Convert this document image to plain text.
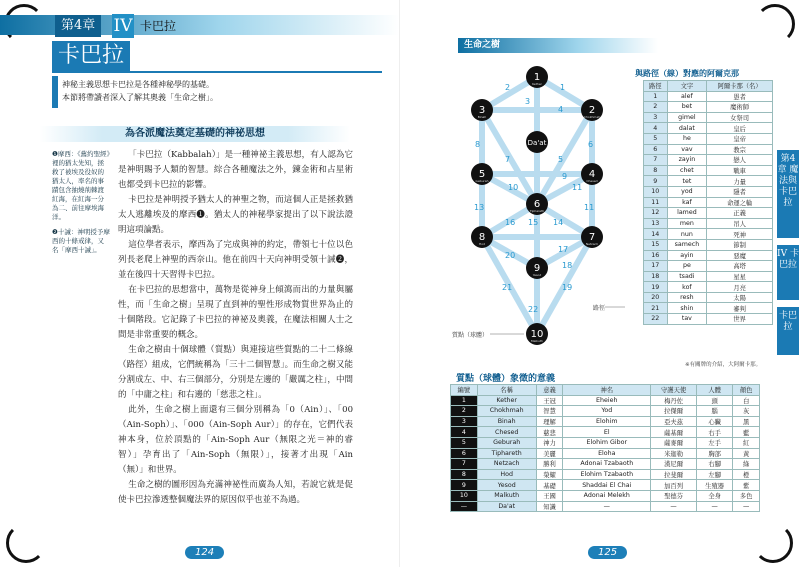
第4章	IV 卡巴拉
卡巴拉
神秘主義思想卡巴拉是各種神秘學的基礎。
本節將帶讀者深入了解其奧義「生命之樹」。
為各派魔法奠定基礎的神祕思想

❶摩西：《舊約聖經》裡的猶太先知，拯救了被埃及役奴的猶太人，率名的事蹟包含抽燒荊棘渡紅海，在紅海一分為二、前往摩埃海洋。

❷十誡：神明授予摩西的十條戒律，又名「摩西十誡」。

「卡巴拉（Kabbalah）」是一種神祕主義思想，有人認為它是神明賜予人類的智慧。綜合各種魔法之外，鍊金術和占星術也都受到卡巴拉的影響。

卡巴拉是神明授予猶太人的神聖之物，而這個人正是拯救猶太人逃離埃及的摩西❶。猶太人的神秘學家提出了以下說法證明這項論點。

這位學者表示，摩西為了完成與神的約定，帶領七十位以色列長老爬上神聖的西奈山。他在前四十天向神明受領十誡❷，並在後四十天習得卡巴拉。

在卡巴拉的思想當中，萬物是從神身上傾瀉而出的力量與屬性，而「生命之樹」呈現了直到神的聖性形成物質世界為止的十個階段。它記錄了卡巴拉的神祕及奧義，在魔法相關人士之間是非常重要的概念。

生命之樹由十個球體（質點）與連接這些質點的二十二條線（路徑）組成，它們統稱為「三十二個智慧」。而生命之樹又能分割成左、中、右三個部分，分別是左邊的「嚴厲之柱」，中間的「中庸之柱」和右邊的「慈悲之柱」。

此外，生命之樹上面還有三個分別稱為「0（Ain）」、「00（Ain-Soph）」、「000（Ain-Soph Aur）」的存在，它們代表神本身，位於頂點的「Ain-Soph Aur（無限之光＝神的睿智）」孕育出了「Ain-Soph（無限）」，接著才出現「Ain（無）」和世界。

生命之樹的圖形因為充滿神祕性而廣為人知，若說它就是促使卡巴拉滲透整個魔法界的原因似乎也並不為過。

124
生命之樹
2	1
4
3
8
7	5
6
9
10	11
13	11
16 15 14
17
20
18
21	19
22
1
3	2
Da'at
5	4
6
8	7
9
10
Kether
Binah	Chokhmah
Geburah	Chesed
Tiphareth
Hod	Netzach
Yesod
Malkuth
路徑
質點（球體）
與路徑（線）對應的阿爾克那
路徑	文字	阿爾卡那（名）
1	alef	愚者
2	bet	魔術師
3	gimel	女祭司
4	dalat	皇后
5	he	皇帝
6	vav	教宗
7	zayin	戀人
8	chet	戰車
9	tet	力量
10	yod	隱者
11	kaf	命運之輪
12	lamed	正義
13	men	吊人
14	nun	死神
15	samech	節制
16	ayin	惡魔
17	pe	高塔
18	tsadi	星星
19	kof	月亮
20	resh	太陽
21	shin	審判
22	tav	世界
※有關牌的介紹，大阿爾卡那。
質點（球體）象徵的意義
編號	名稱	意義	神名	守護天使	人體	顏色
1	Kether	王冠	Eheieh	梅丹佐	頭	白
2	Chokhmah	智慧	Yod	拉傑爾	腦	灰
3	Binah	理解	Elohim	亞夫茲	心臟	黑
4	Chesed	慈悲	El	薩基爾	右手	藍
5	Geburah	神力	Elohim Gibor	薩麥爾	左手	紅
6	Tiphareth	美麗	Eloha	米迦勒	胸部	黃
7	Netzach	勝利	Adonai Tzabaoth	漢尼爾	右腳	綠
8	Hod	榮耀	Elohim Tzabaoth	拉斐爾	左腳	橙
9	Yesod	基礎	Shaddai El Chai	加百列	生殖器	紫
10	Malkuth	王國	Adonai Melekh	聖德芬	全身	多色
—	Da'at	知識	—	—	—	—
第4章 魔法與卡巴拉
IV 卡巴拉
卡巴拉
125
